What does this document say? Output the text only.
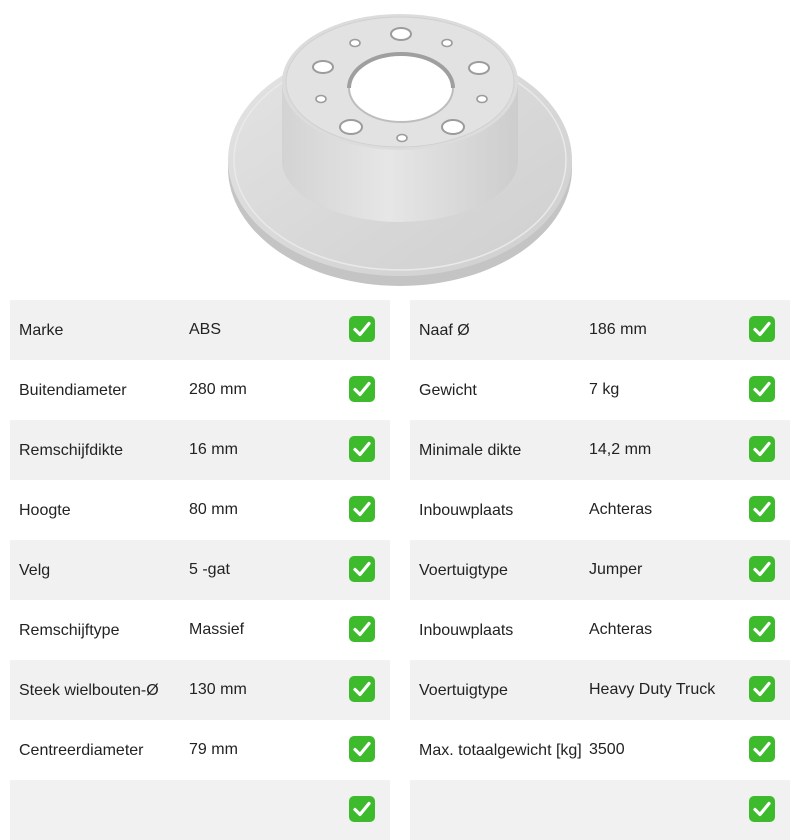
Marke	ABS
Buitendiameter	280 mm
Remschijfdikte	16 mm
Hoogte	80 mm
Velg	5 -gat
Remschijftype	Massief
Steek wielbouten-Ø 130 mm
Centreerdiameter	79 mm
Naaf Ø	186 mm
Gewicht	7 kg
Minimale dikte	14,2 mm
Inbouwplaats	Achteras
Voertuigtype	Jumper
Inbouwplaats	Achteras
Voertuigtype	Heavy Duty Truck
Max. totaalgewicht [kg] 3500
